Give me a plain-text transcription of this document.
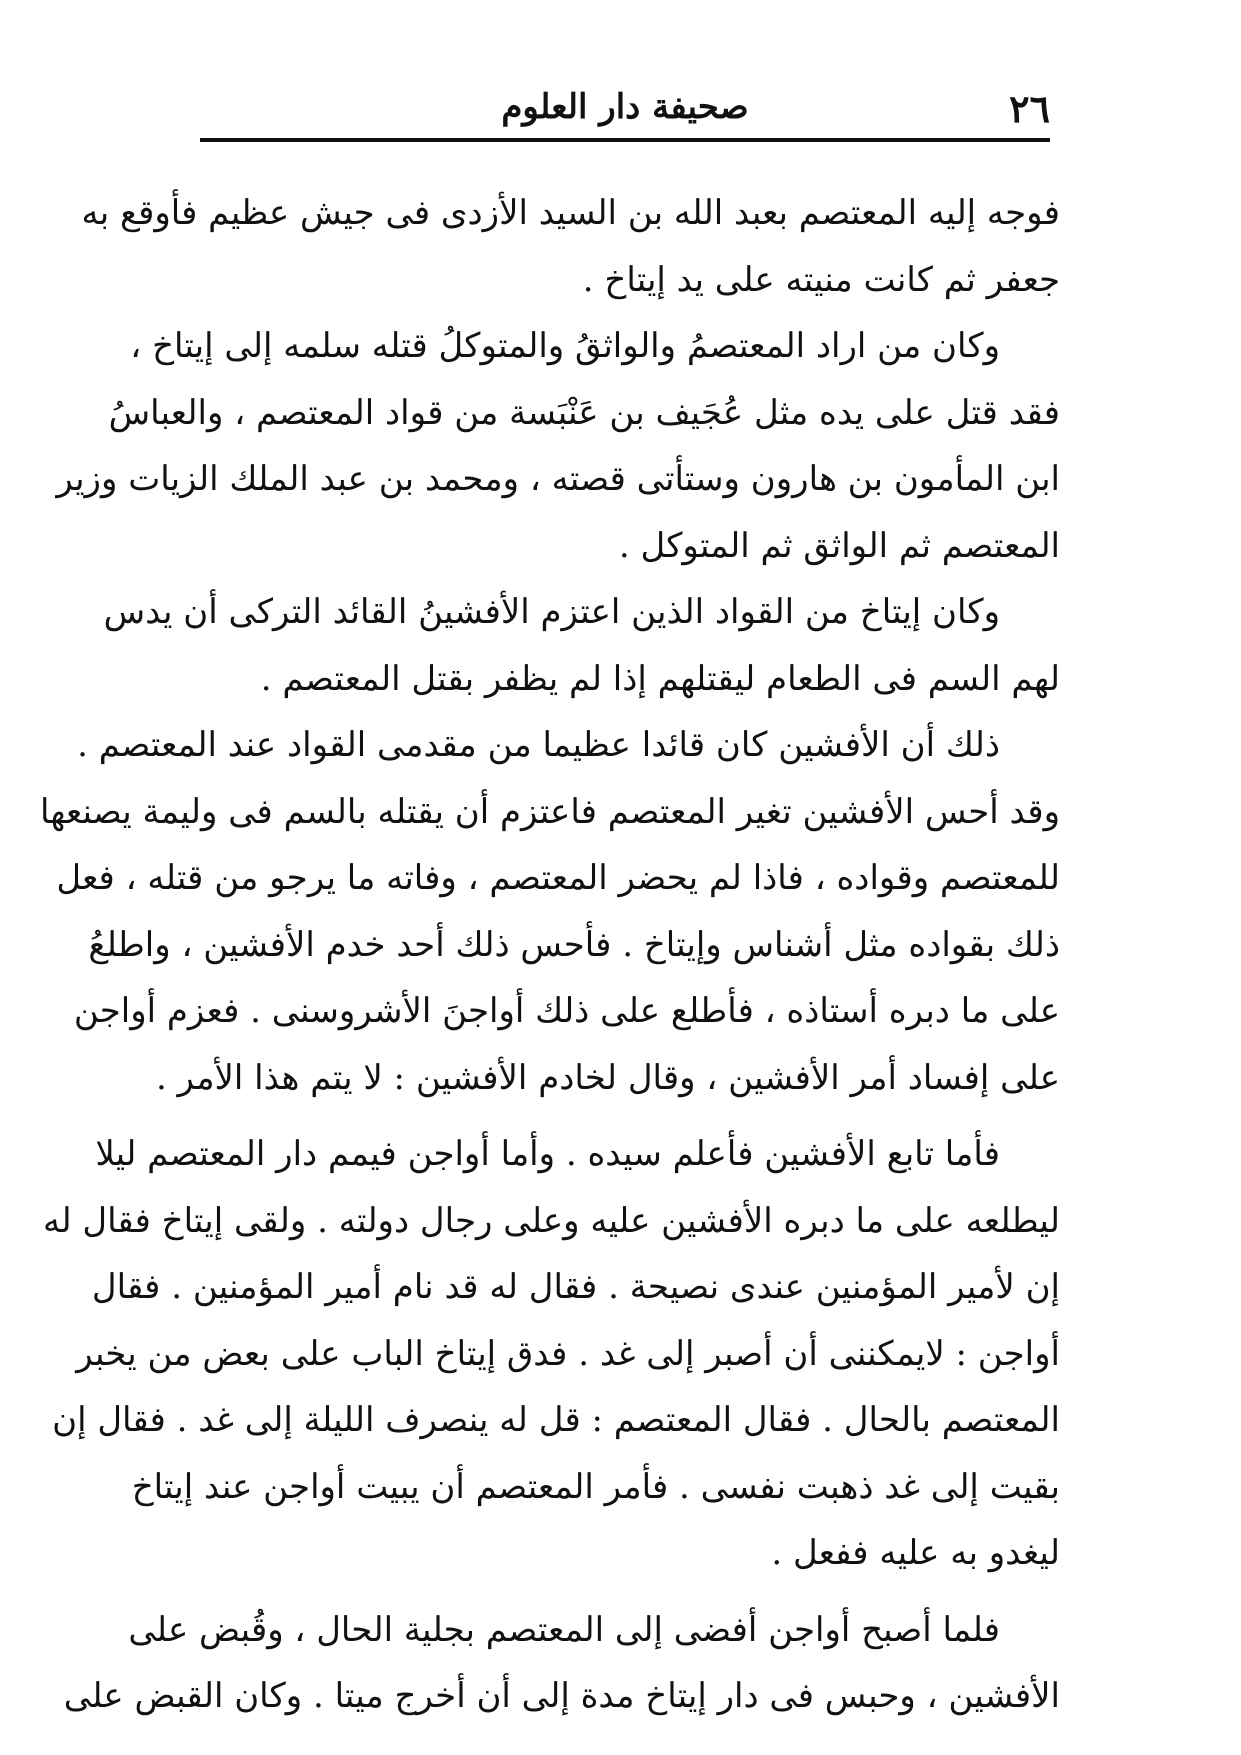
٢٦
صحيفة دار العلوم
فوجه إليه المعتصم بعبد الله بن السيد الأزدى فى جيش عظيم فأوقع به
جعفر ثم كانت منيته على يد إيتاخ .
وكان من اراد المعتصمُ والواثقُ والمتوكلُ قتله سلمه إلى إيتاخ ،
فقد قتل على يده مثل عُجَيف بن عَنْبَسة من قواد المعتصم ، والعباسُ
ابن المأمون بن هارون وستأتى قصته ، ومحمد بن عبد الملك الزيات وزير
المعتصم ثم الواثق ثم المتوكل .
وكان إيتاخ من القواد الذين اعتزم الأفشينُ القائد التركى أن يدس
لهم السم فى الطعام ليقتلهم إذا لم يظفر بقتل المعتصم .
ذلك أن الأفشين كان قائدا عظيما من مقدمى القواد عند المعتصم .
وقد أحس الأفشين تغير المعتصم فاعتزم أن يقتله بالسم فى وليمة يصنعها
للمعتصم وقواده ، فاذا لم يحضر المعتصم ، وفاته ما يرجو من قتله ، فعل
ذلك بقواده مثل أشناس وإيتاخ . فأحس ذلك أحد خدم الأفشين ، واطلعُ
على ما دبره أستاذه ، فأطلع على ذلك أواجنَ الأشروسنى . فعزم أواجن
على إفساد أمر الأفشين ، وقال لخادم الأفشين : لا يتم هذا الأمر .
فأما تابع الأفشين فأعلم سيده . وأما أواجن فيمم دار المعتصم ليلا
ليطلعه على ما دبره الأفشين عليه وعلى رجال دولته . ولقى إيتاخ فقال له
إن لأمير المؤمنين عندى نصيحة . فقال له قد نام أمير المؤمنين . فقال
أواجن : لايمكننى أن أصبر إلى غد . فدق إيتاخ الباب على بعض من يخبر
المعتصم بالحال . فقال المعتصم : قل له ينصرف الليلة إلى غد . فقال إن
بقيت إلى غد ذهبت نفسى . فأمر المعتصم أن يبيت أواجن عند إيتاخ
ليغدو به عليه ففعل .
فلما أصبح أواجن أفضى إلى المعتصم بجلية الحال ، وقُبض على
الأفشين ، وحبس فى دار إيتاخ مدة إلى أن أخرج ميتا . وكان القبض على
